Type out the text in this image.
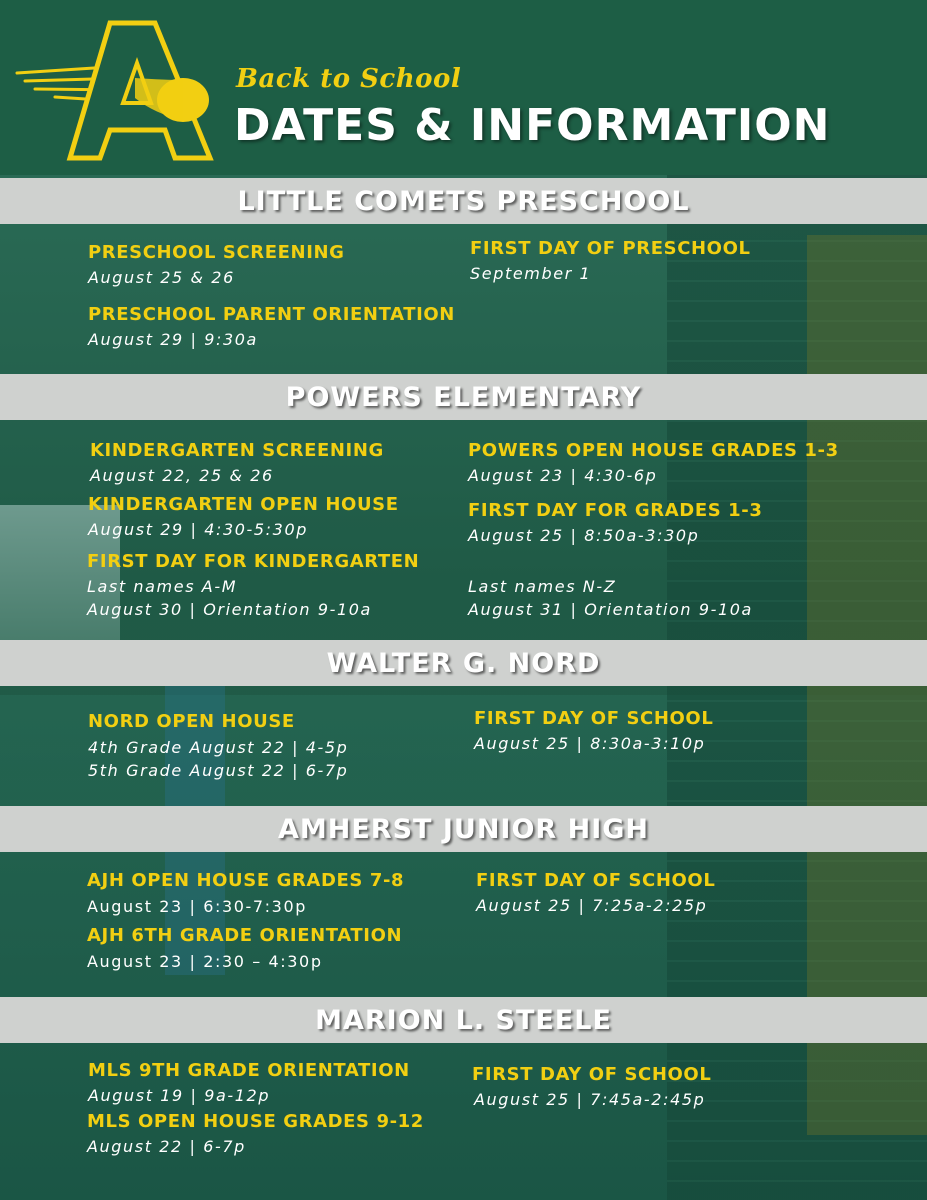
Back to School
DATES & INFORMATION
LITTLE COMETS PRESCHOOL
PRESCHOOL SCREENING
August 25 & 26
PRESCHOOL PARENT ORIENTATION
August 29 | 9:30a
FIRST DAY OF PRESCHOOL
September 1
POWERS ELEMENTARY
KINDERGARTEN SCREENING
August 22, 25 & 26
KINDERGARTEN OPEN HOUSE
August 29 | 4:30-5:30p
FIRST DAY FOR KINDERGARTEN
Last names A-M
August 30 | Orientation 9-10a
Last names N-Z
August 31 | Orientation 9-10a
POWERS OPEN HOUSE GRADES 1-3
August 23 | 4:30-6p
FIRST DAY FOR GRADES 1-3
August 25 | 8:50a-3:30p
WALTER G. NORD
NORD OPEN HOUSE
4th Grade August 22 | 4-5p
5th Grade August 22 | 6-7p
FIRST DAY OF SCHOOL
August 25 | 8:30a-3:10p
AMHERST JUNIOR HIGH
AJH OPEN HOUSE GRADES 7-8
August 23 | 6:30-7:30p
AJH 6TH GRADE ORIENTATION
August 23 | 2:30 – 4:30p
FIRST DAY OF SCHOOL
August 25 | 7:25a-2:25p
MARION L. STEELE
MLS 9TH GRADE ORIENTATION
August 19 | 9a-12p
MLS OPEN HOUSE GRADES 9-12
August 22 | 6-7p
FIRST DAY OF SCHOOL
August 25 | 7:45a-2:45p
